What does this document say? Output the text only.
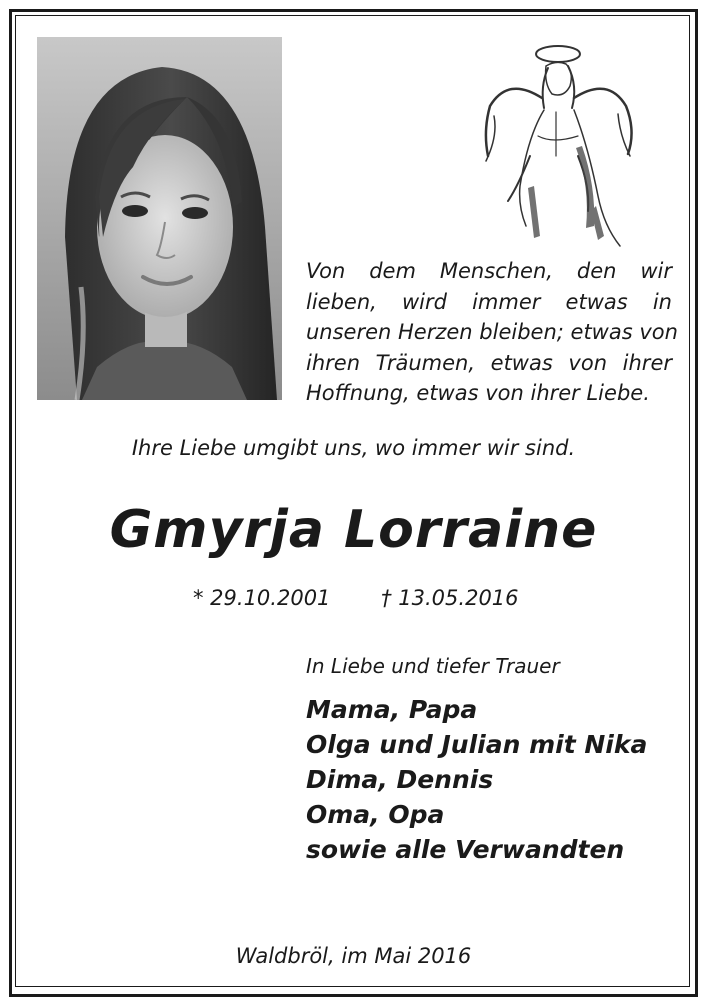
Von dem Menschen, den wir
lieben, wird immer etwas in
unseren Herzen bleiben; etwas von
ihren Träumen, etwas von ihrer
Hoffnung, etwas von ihrer Liebe.
Ihre Liebe umgibt uns, wo immer wir sind.
Gmyrja Lorraine
* 29.10.2001 † 13.05.2016
In Liebe und tiefer Trauer
Mama, Papa
Olga und Julian mit Nika
Dima, Dennis
Oma, Opa
sowie alle Verwandten
Waldbröl, im Mai 2016
